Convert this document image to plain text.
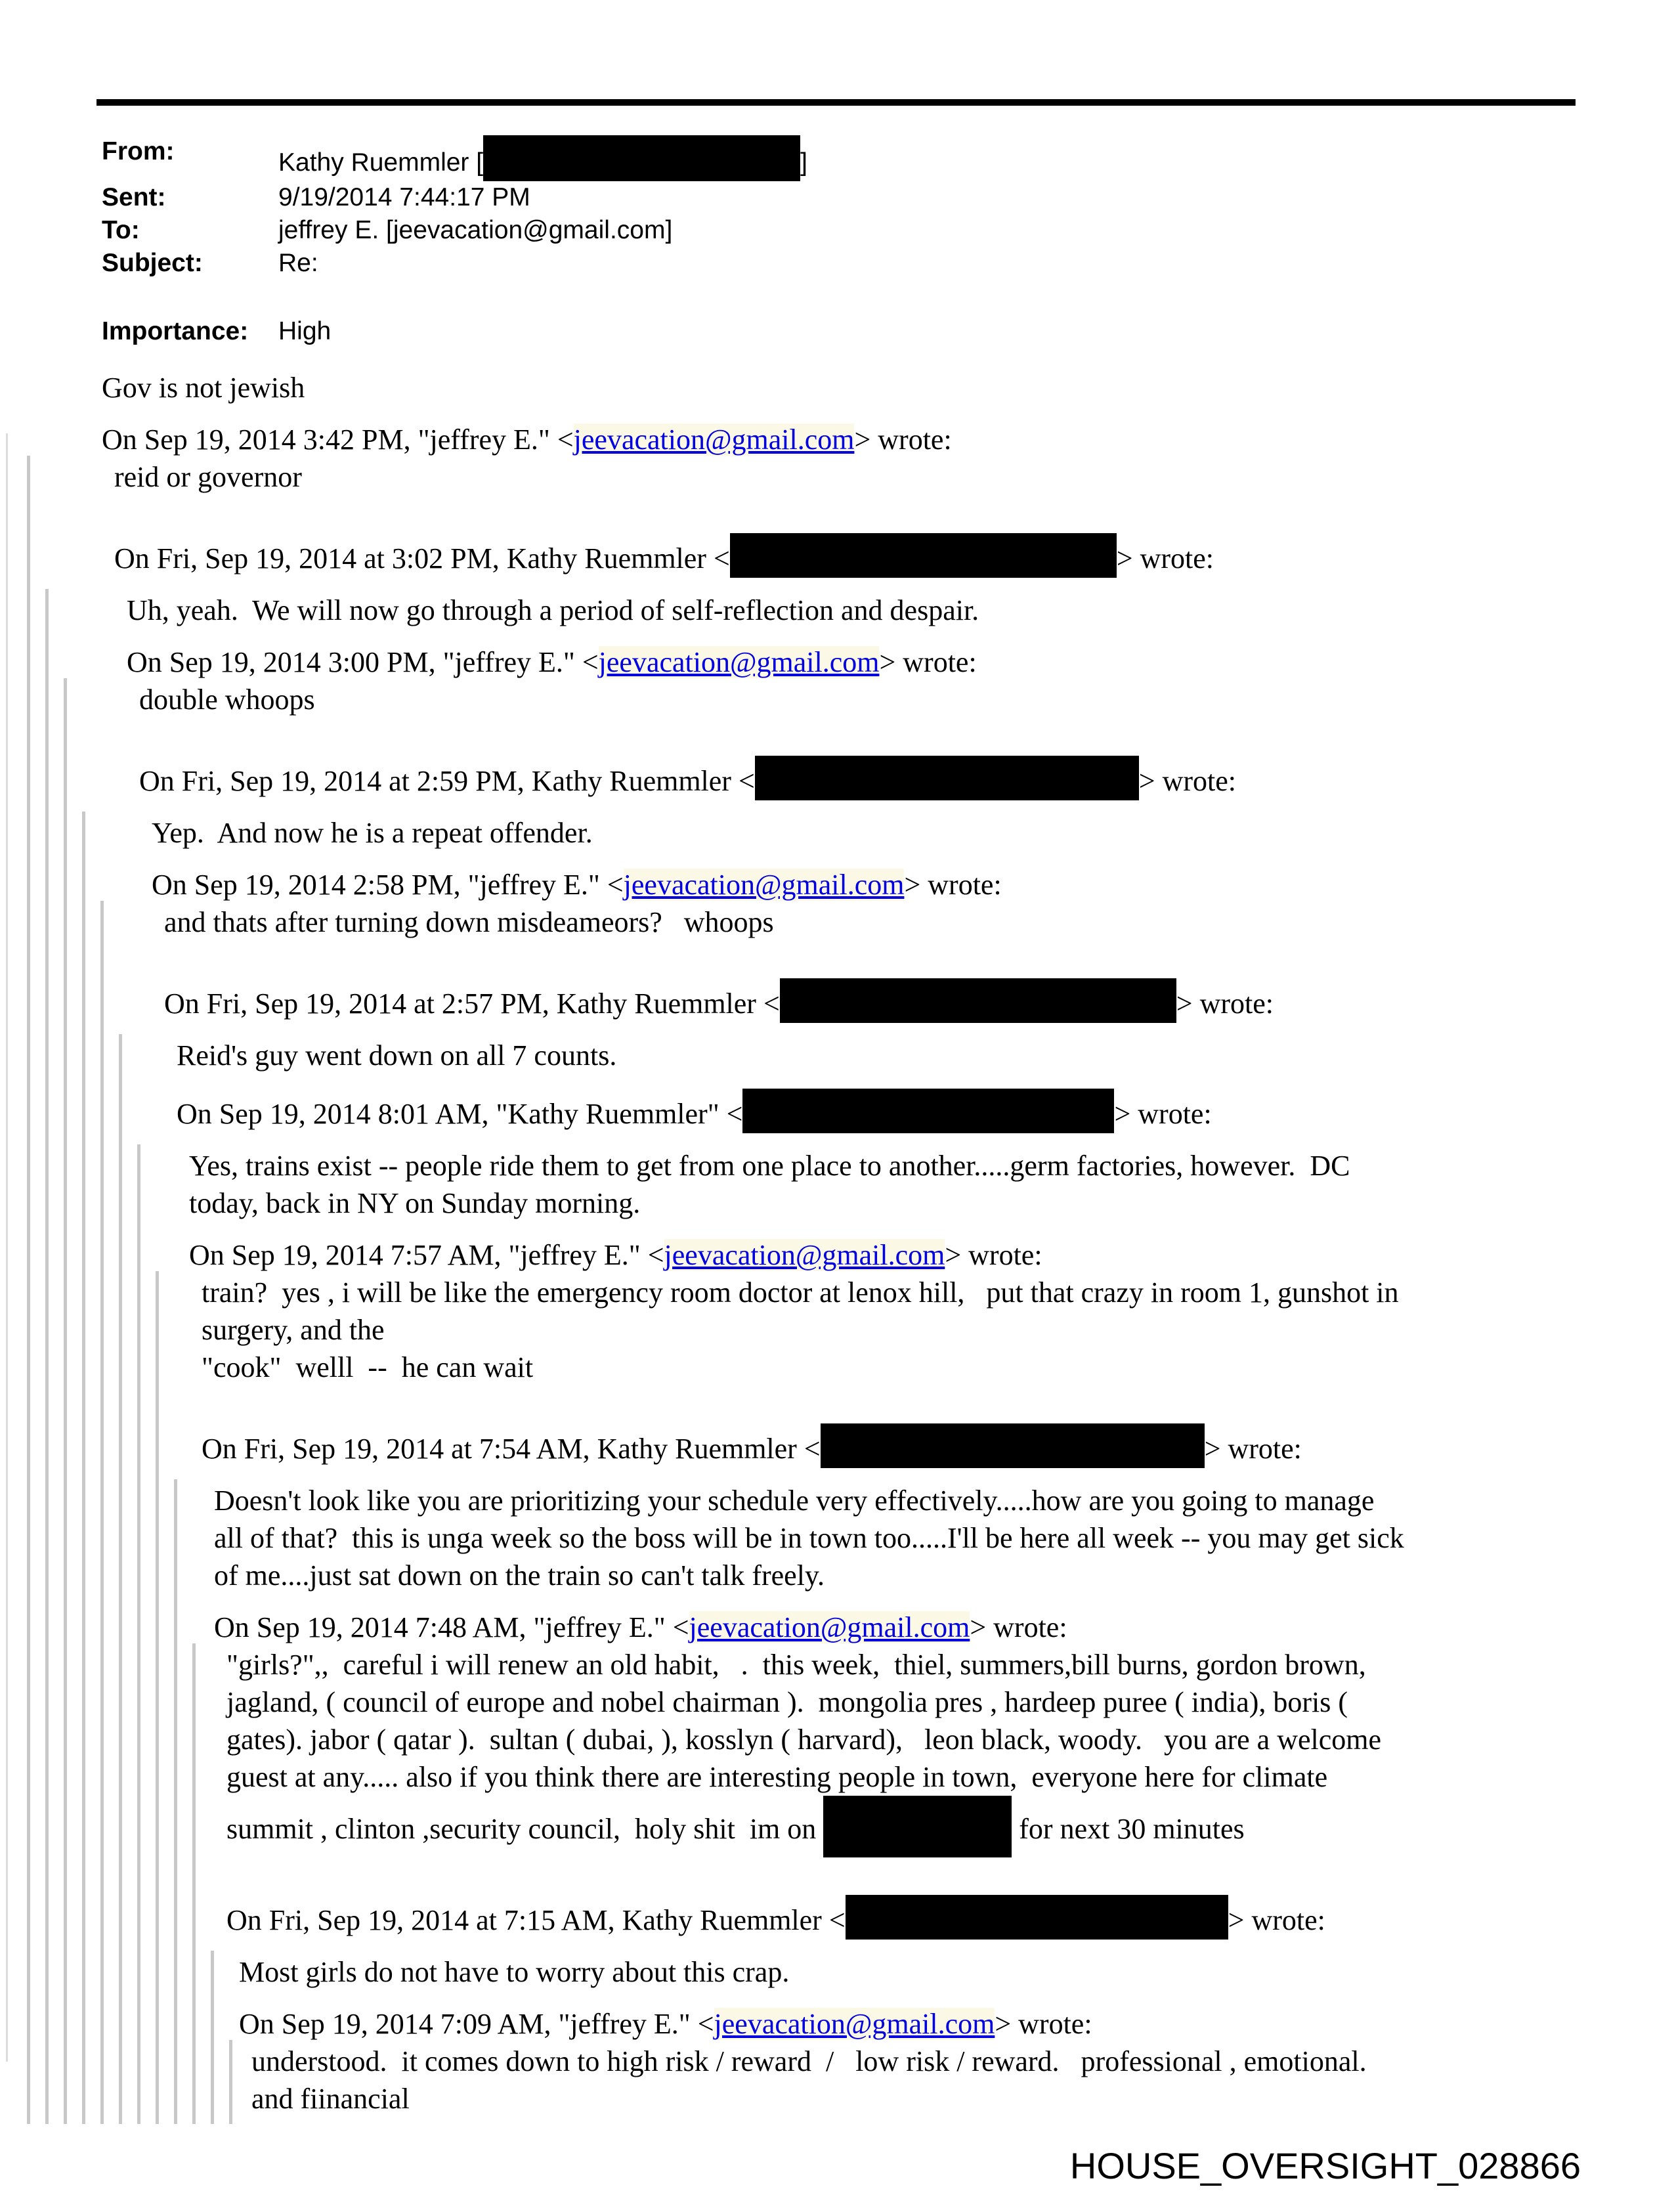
From:	Kathy Ruemmler [	]
Sent:	9/19/2014 7:44:17 PM
To:	jeffrey E. [jeevacation@gmail.com]
Subject:	Re:
Importance:	High
Gov is not jewish
On Sep 19, 2014 3:42 PM, "jeffrey E." <jeevacation@gmail.com> wrote:
reid or governor
On Fri, Sep 19, 2014 at 3:02 PM, Kathy Ruemmler <	> wrote:
Uh, yeah.  We will now go through a period of self-reflection and despair.
On Sep 19, 2014 3:00 PM, "jeffrey E." <jeevacation@gmail.com> wrote:
double whoops
On Fri, Sep 19, 2014 at 2:59 PM, Kathy Ruemmler <	> wrote:
Yep.  And now he is a repeat offender.
On Sep 19, 2014 2:58 PM, "jeffrey E." <jeevacation@gmail.com> wrote:
and thats after turning down misdeameors?   whoops
On Fri, Sep 19, 2014 at 2:57 PM, Kathy Ruemmler <	> wrote:
Reid's guy went down on all 7 counts.
On Sep 19, 2014 8:01 AM, "Kathy Ruemmler" <	> wrote:
Yes, trains exist -- people ride them to get from one place to another.....germ factories, however.  DC
today, back in NY on Sunday morning.
On Sep 19, 2014 7:57 AM, "jeffrey E." <jeevacation@gmail.com> wrote:
train?  yes , i will be like the emergency room doctor at lenox hill,   put that crazy in room 1, gunshot in
surgery, and the
"cook"  welll  --  he can wait
On Fri, Sep 19, 2014 at 7:54 AM, Kathy Ruemmler <	> wrote:
Doesn't look like you are prioritizing your schedule very effectively.....how are you going to manage
all of that?  this is unga week so the boss will be in town too.....I'll be here all week -- you may get sick
of me....just sat down on the train so can't talk freely.
On Sep 19, 2014 7:48 AM, "jeffrey E." <jeevacation@gmail.com> wrote:
"girls?",,  careful i will renew an old habit,   .  this week,  thiel, summers,bill burns, gordon brown,
jagland, ( council of europe and nobel chairman ).  mongolia pres , hardeep puree ( india), boris (
gates). jabor ( qatar ).  sultan ( dubai, ), kosslyn ( harvard),   leon black, woody.   you are a welcome
guest at any..... also if you think there are interesting people in town,  everyone here for climate
summit , clinton ,security council,  holy shit  im on	for next 30 minutes
On Fri, Sep 19, 2014 at 7:15 AM, Kathy Ruemmler <	> wrote:
Most girls do not have to worry about this crap.
On Sep 19, 2014 7:09 AM, "jeffrey E." <jeevacation@gmail.com> wrote:
understood.  it comes down to high risk / reward  /   low risk / reward.   professional , emotional.
and fiinancial
HOUSE_OVERSIGHT_028866
